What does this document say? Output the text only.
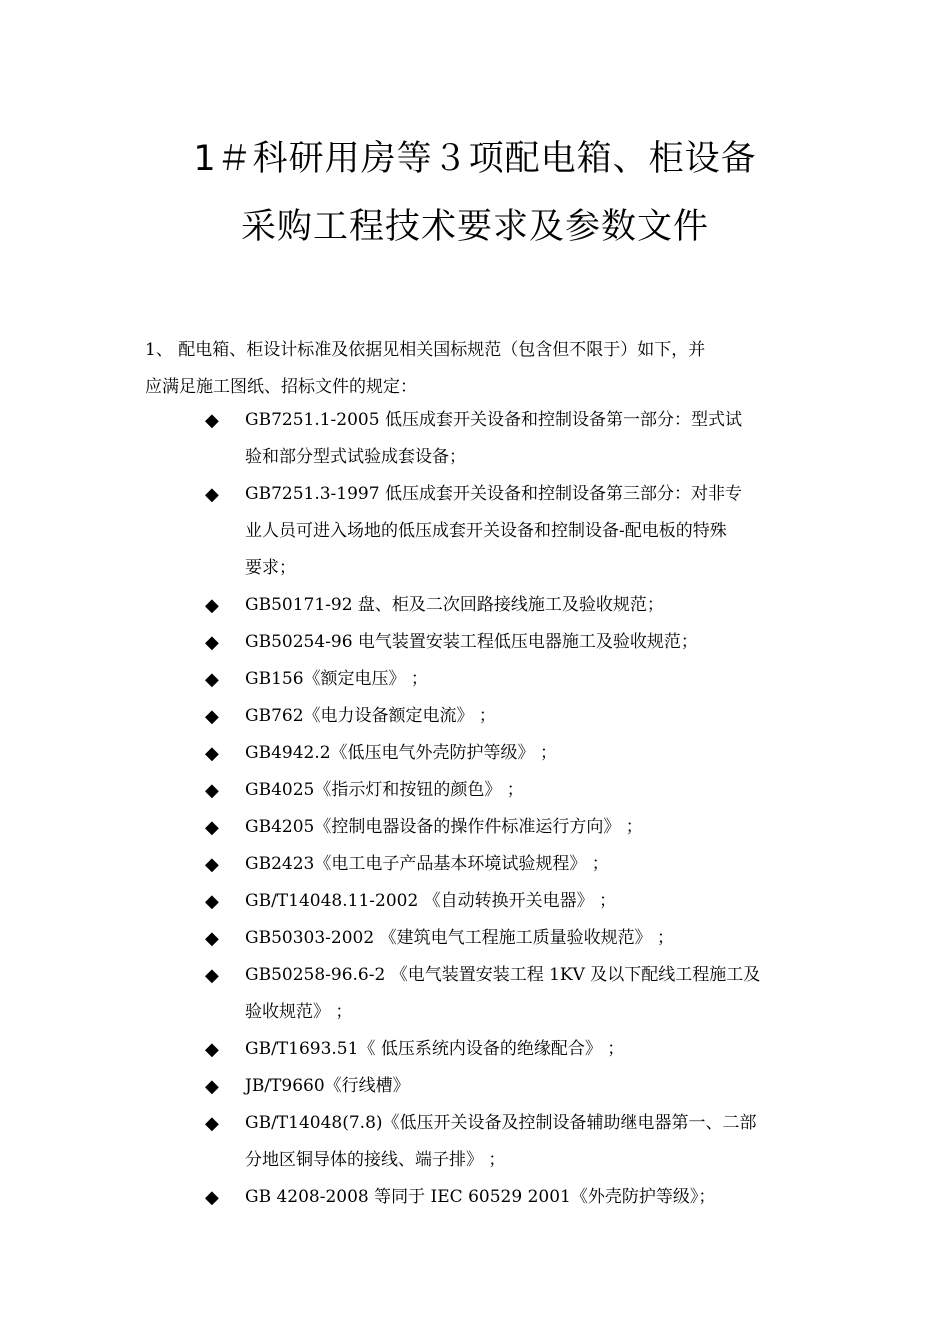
1＃科研用房等３项配电箱、柜设备
采购工程技术要求及参数文件
1、 配电箱、柜设计标准及依据见相关国标规范（包含但不限于）如下，并
应满足施工图纸、招标文件的规定：
◆	GB7251.1-2005 低压成套开关设备和控制设备第一部分：型式试
验和部分型式试验成套设备；
◆	GB7251.3-1997 低压成套开关设备和控制设备第三部分：对非专
业人员可进入场地的低压成套开关设备和控制设备-配电板的特殊
要求；
◆	GB50171-92 盘、柜及二次回路接线施工及验收规范；
◆	GB50254-96 电气装置安装工程低压电器施工及验收规范；
◆	GB156《额定电压》 ；
◆	GB762《电力设备额定电流》 ；
◆	GB4942.2《低压电气外壳防护等级》 ；
◆	GB4025《指示灯和按钮的颜色》 ；
◆	GB4205《控制电器设备的操作件标准运行方向》 ；
◆	GB2423《电工电子产品基本环境试验规程》 ；
◆	GB/T14048.11-2002 《自动转换开关电器》 ；
◆	GB50303-2002 《建筑电气工程施工质量验收规范》 ；
◆	GB50258-96.6-2 《电气装置安装工程 1KV 及以下配线工程施工及
验收规范》 ；
◆	GB/T1693.51《 低压系统内设备的绝缘配合》 ；
◆	JB/T9660《行线槽》
◆	GB/T14048(7.8)《低压开关设备及控制设备辅助继电器第一、二部
分地区铜导体的接线、端子排》 ；
◆	GB 4208-2008 等同于 IEC 60529 2001《外壳防护等级》；
